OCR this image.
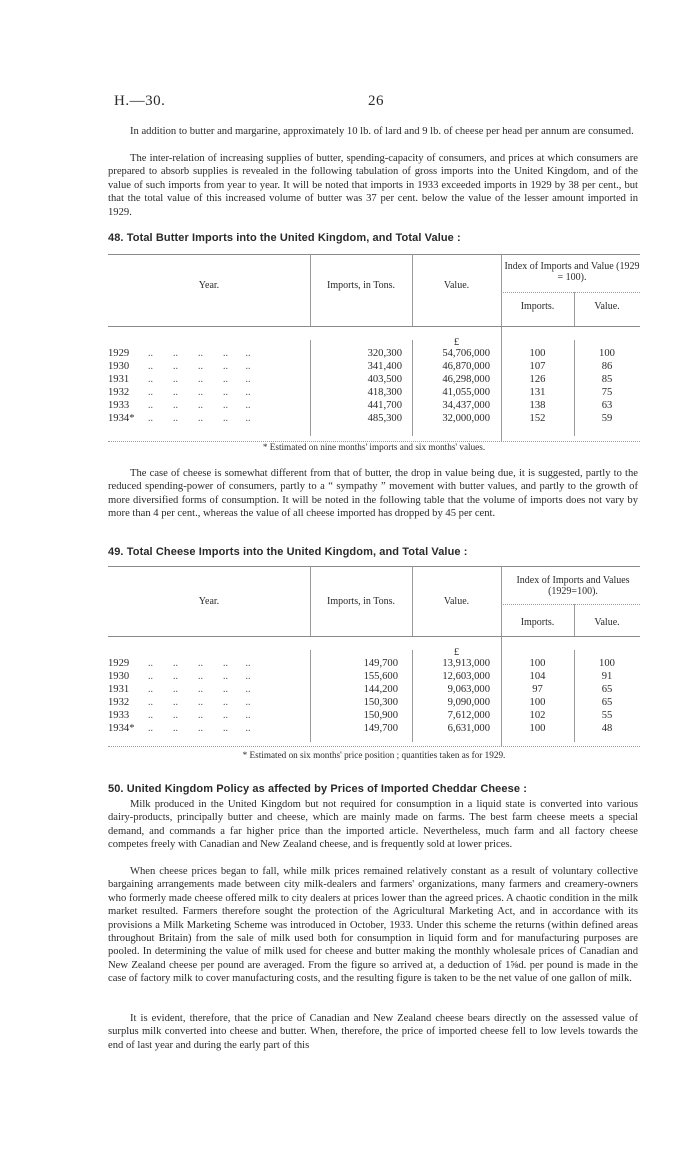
H.—30.	26

In addition to butter and margarine, approximately 10 lb. of lard and 9 lb. of cheese per head per annum are consumed.

The inter-relation of increasing supplies of butter, spending-capacity of consumers, and prices at which consumers are prepared to absorb supplies is revealed in the following tabulation of gross imports into the United Kingdom, and of the value of such imports from year to year. It will be noted that imports in 1933 exceeded imports in 1929 by 38 per cent., but that the total value of this increased volume of butter was 37 per cent. below the value of the lesser amount imported in 1929.

48. Total Butter Imports into the United Kingdom, and Total Value :
Year.	Imports, in Tons.	Value.
Index of Imports and Value (1929 = 100).
Imports.	Value.
£
1929 ..        ..        ..        ..       ..	320,300	54,706,000	100	100
1930 ..        ..        ..        ..       ..	341,400	46,870,000	107	86
1931 ..        ..        ..        ..       ..	403,500	46,298,000	126	85
1932 ..        ..        ..        ..       ..	418,300	41,055,000	131	75
1933 ..        ..        ..        ..       ..	441,700	34,437,000	138	63
1934* ..        ..        ..        ..       ..	485,300	32,000,000	152	59
* Estimated on nine months' imports and six months' values.

The case of cheese is somewhat different from that of butter, the drop in value being due, it is suggested, partly to the reduced spending-power of consumers, partly to a “ sympathy ” movement with butter values, and partly to the growth of more diversified forms of consumption. It will be noted in the following table that the volume of imports does not vary by more than 4 per cent., whereas the value of all cheese imported has dropped by 45 per cent.

49. Total Cheese Imports into the United Kingdom, and Total Value :
Year.	Imports, in Tons.	Value.
Index of Imports and Values (1929=100).
Imports.	Value.
£
1929 ..        ..        ..        ..       ..	149,700	13,913,000	100	100
1930 ..        ..        ..        ..       ..	155,600	12,603,000	104	91
1931 ..        ..        ..        ..       ..	144,200	9,063,000	97	65
1932 ..        ..        ..        ..       ..	150,300	9,090,000	100	65
1933 ..        ..        ..        ..       ..	150,900	7,612,000	102	55
1934* ..        ..        ..        ..       ..	149,700	6,631,000	100	48
* Estimated on six months' price position ; quantities taken as for 1929.
50. United Kingdom Policy as affected by Prices of Imported Cheddar Cheese :

Milk produced in the United Kingdom but not required for consumption in a liquid state is converted into various dairy-products, principally butter and cheese, which are mainly made on farms. The best farm cheese meets a special demand, and commands a far higher price than the imported article. Nevertheless, much farm and all factory cheese competes freely with Canadian and New Zealand cheese, and is frequently sold at lower prices.

When cheese prices began to fall, while milk prices remained relatively constant as a result of voluntary collective bargaining arrangements made between city milk-dealers and farmers' organizations, many farmers and creamery-owners who formerly made cheese offered milk to city dealers at prices lower than the agreed prices. A chaotic condition in the milk market resulted. Farmers therefore sought the protection of the Agricultural Marketing Act, and in accordance with its provisions a Milk Marketing Scheme was introduced in October, 1933. Under this scheme the returns (within defined areas throughout Britain) from the sale of milk used both for consumption in liquid form and for manufacturing purposes are pooled. In determining the value of milk used for cheese and butter making the monthly wholesale prices of Canadian and New Zealand cheese per pound are averaged. From the figure so arrived at, a deduction of 1⅝d. per pound is made in the case of factory milk to cover manufacturing costs, and the resulting figure is taken to be the net value of one gallon of milk.

It is evident, therefore, that the price of Canadian and New Zealand cheese bears directly on the assessed value of surplus milk converted into cheese and butter. When, therefore, the price of imported cheese fell to low levels towards the end of last year and during the early part of this
